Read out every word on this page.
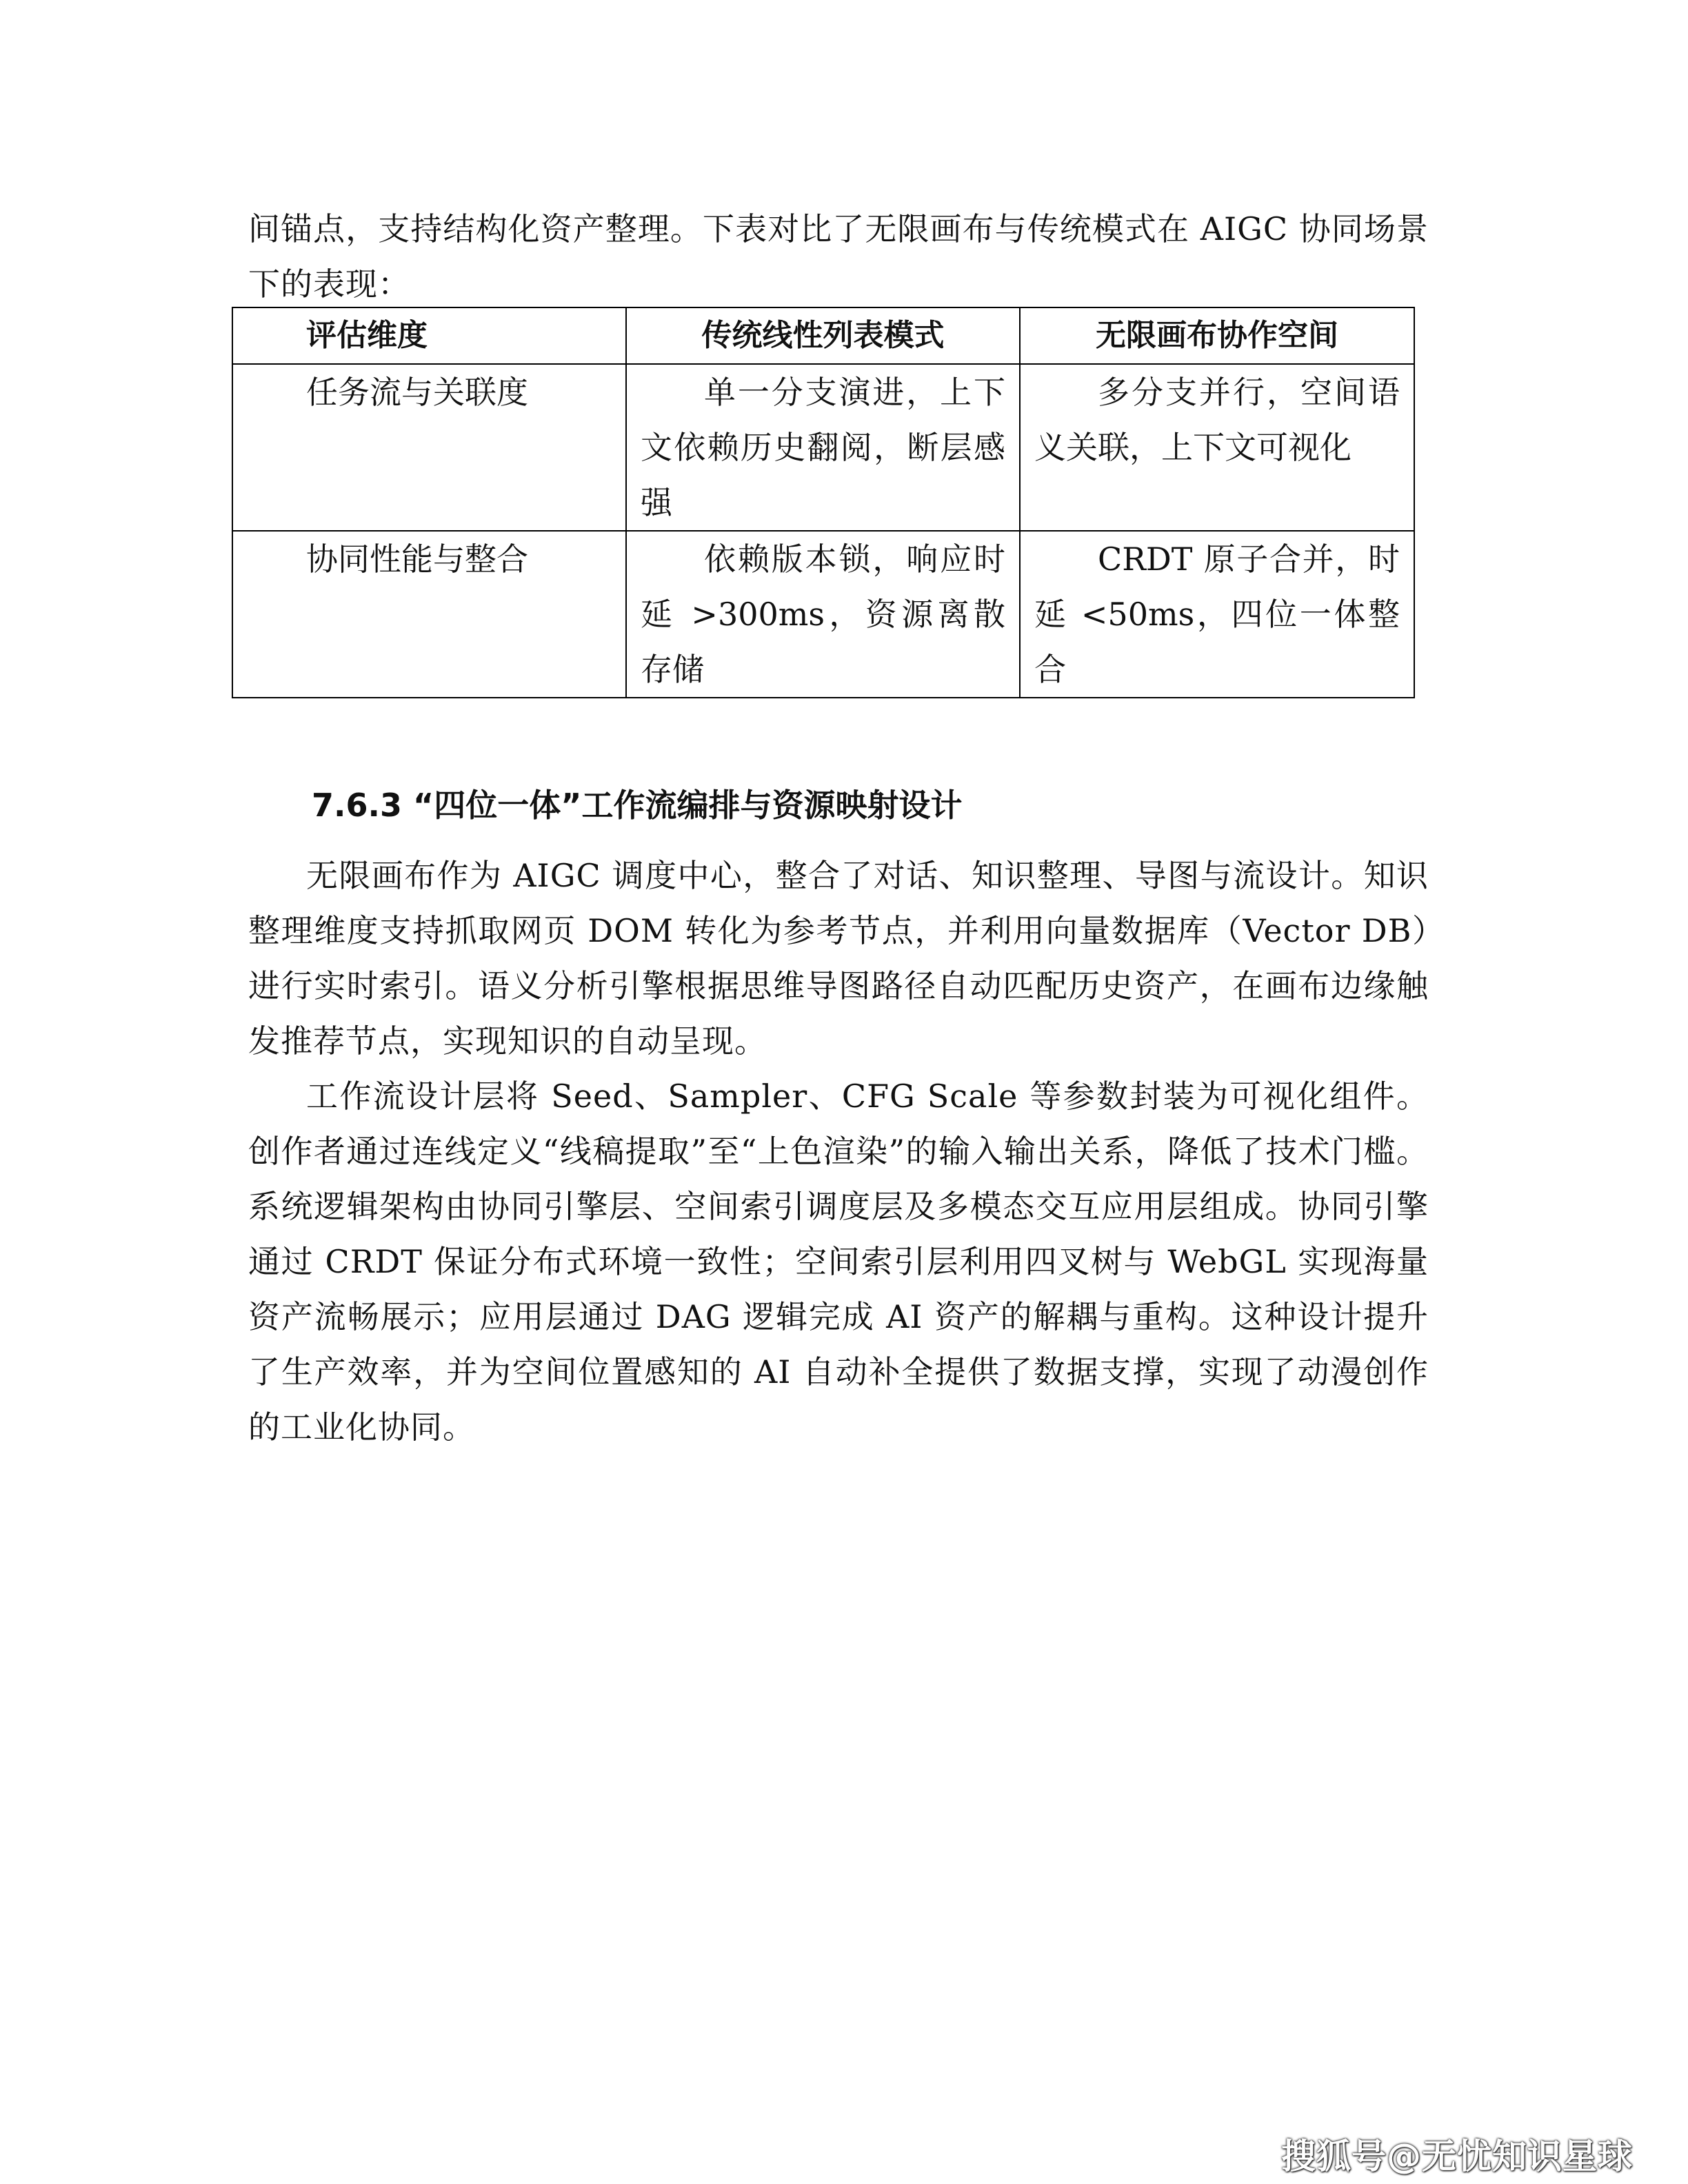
间锚点，支持结构化资产整理。下表对比了无限画布与传统模式在 AIGC 协同场景下的表现：

评估维度	传统线性列表模式	无限画布协作空间
任务流与关联度	单一分支演进，上下文依赖历史翻阅，断层感强	多分支并行，空间语义关联，上下文可视化
协同性能与整合	依赖版本锁，响应时延 >300ms，资源离散存储	CRDT 原子合并，时延 <50ms，四位一体整合
7.6.3 “四位一体”工作流编排与资源映射设计

无限画布作为 AIGC 调度中心，整合了对话、知识整理、导图与流设计。知识整理维度支持抓取网页 DOM 转化为参考节点，并利用向量数据库（Vector DB）进行实时索引。语义分析引擎根据思维导图路径自动匹配历史资产，在画布边缘触发推荐节点，实现知识的自动呈现。

工作流设计层将 Seed、Sampler、CFG Scale 等参数封装为可视化组件。创作者通过连线定义“线稿提取”至“上色渲染”的输入输出关系，降低了技术门槛。系统逻辑架构由协同引擎层、空间索引调度层及多模态交互应用层组成。协同引擎通过 CRDT 保证分布式环境一致性；空间索引层利用四叉树与 WebGL 实现海量资产流畅展示；应用层通过 DAG 逻辑完成 AI 资产的解耦与重构。这种设计提升了生产效率，并为空间位置感知的 AI 自动补全提供了数据支撑，实现了动漫创作的工业化协同。

搜狐号@无忧知识星球
